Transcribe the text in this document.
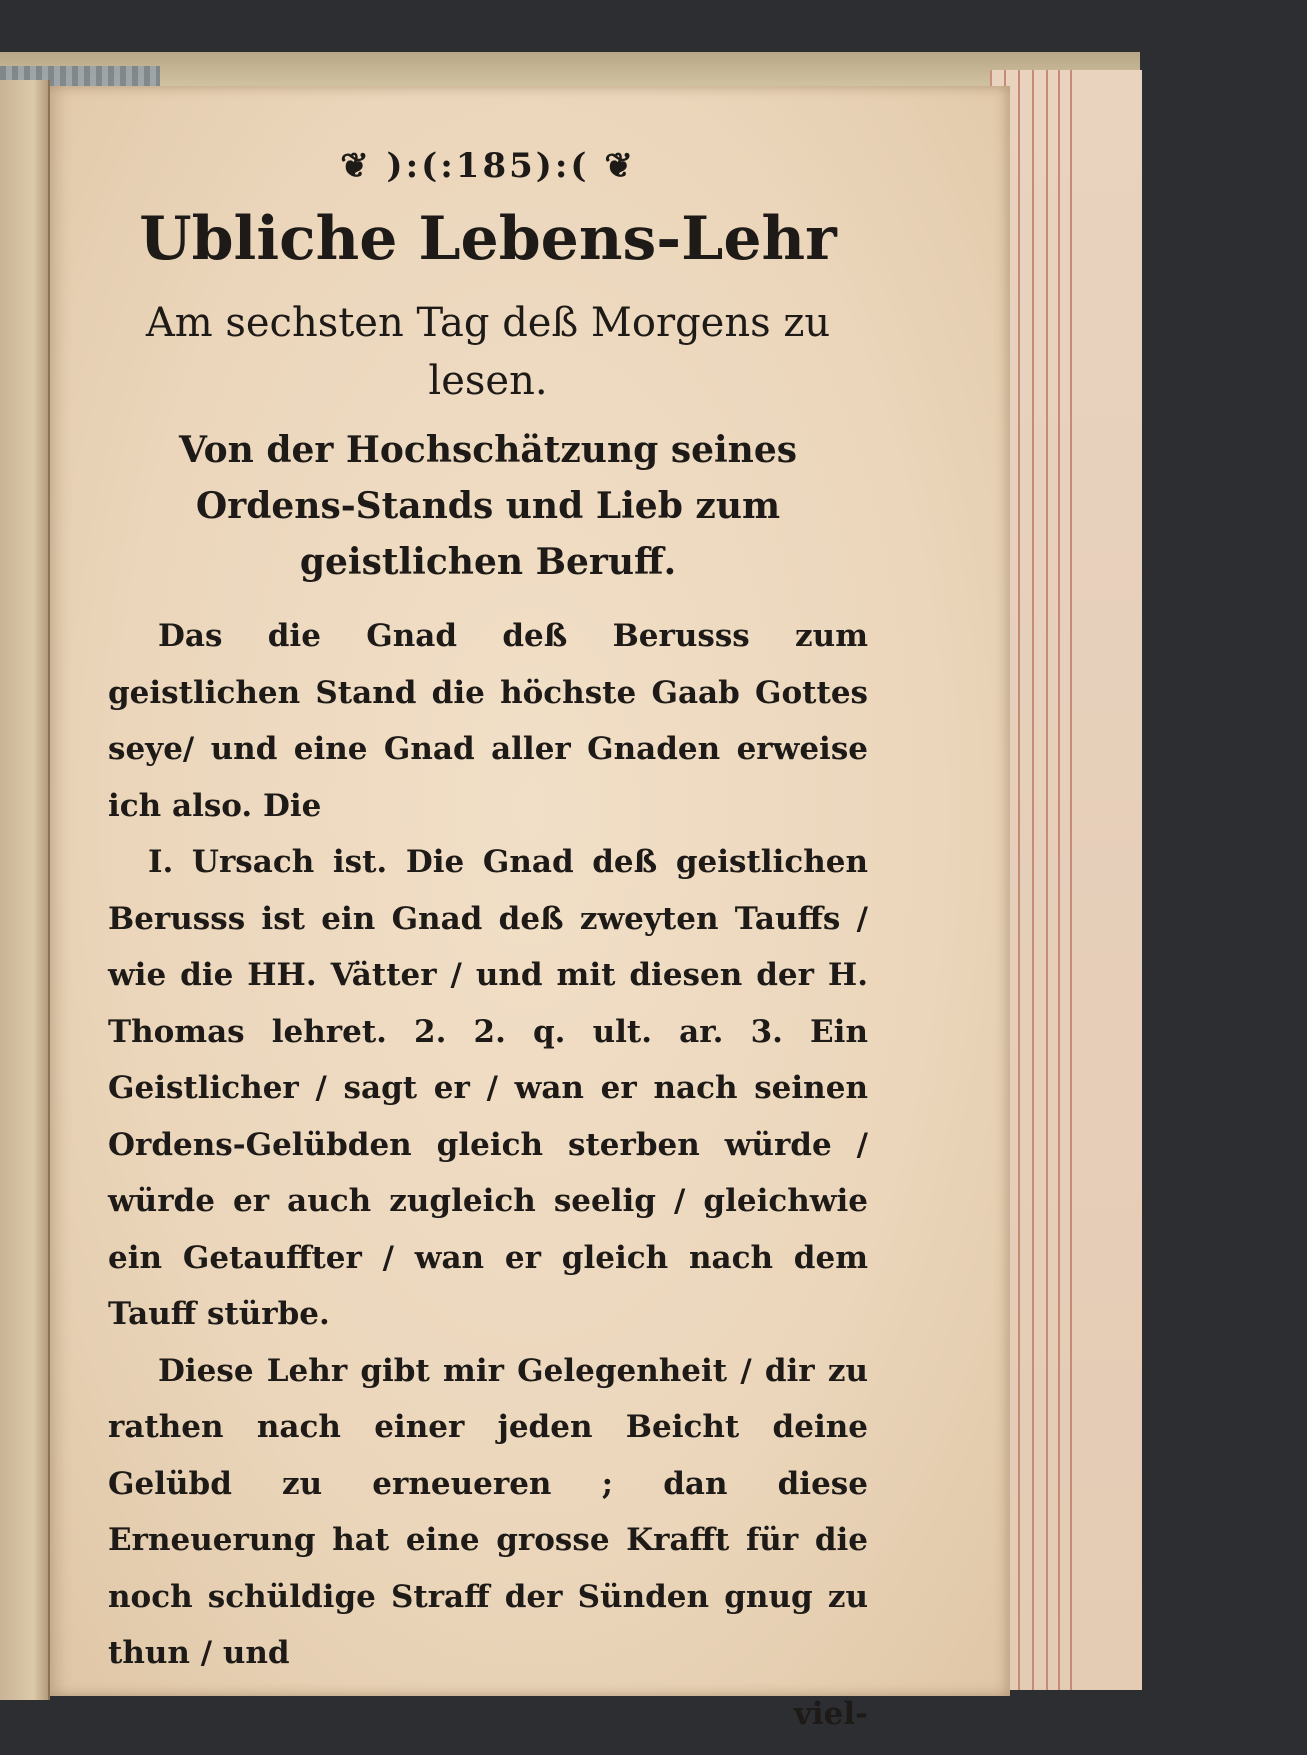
❦ ):(:185):( ❦
Ubliche Lebens-Lehr
Am sechsten Tag deß Morgens zu lesen.
Von der Hochschätzung seines Ordens-Stands und Lieb zum geistlichen Beruff.

Das die Gnad deß Berusss zum geistlichen Stand die höchste Gaab Gottes seye/ und eine Gnad aller Gnaden erweise ich also. Die

I. Ursach ist. Die Gnad deß geistlichen Berusss ist ein Gnad deß zweyten Tauffs / wie die HH. Vätter / und mit diesen der H. Thomas lehret. 2. 2. q. ult. ar. 3. Ein Geistlicher / sagt er / wan er nach seinen Ordens-Gelübden gleich sterben würde / würde er auch zugleich seelig / gleichwie ein Getauffter / wan er gleich nach dem Tauff stürbe.

Diese Lehr gibt mir Gelegenheit / dir zu rathen nach einer jeden Beicht deine Gelübd zu erneueren ; dan diese Erneuerung hat eine grosse Krafft für die noch schüldige Straff der Sünden gnug zu thun / und

viel-
